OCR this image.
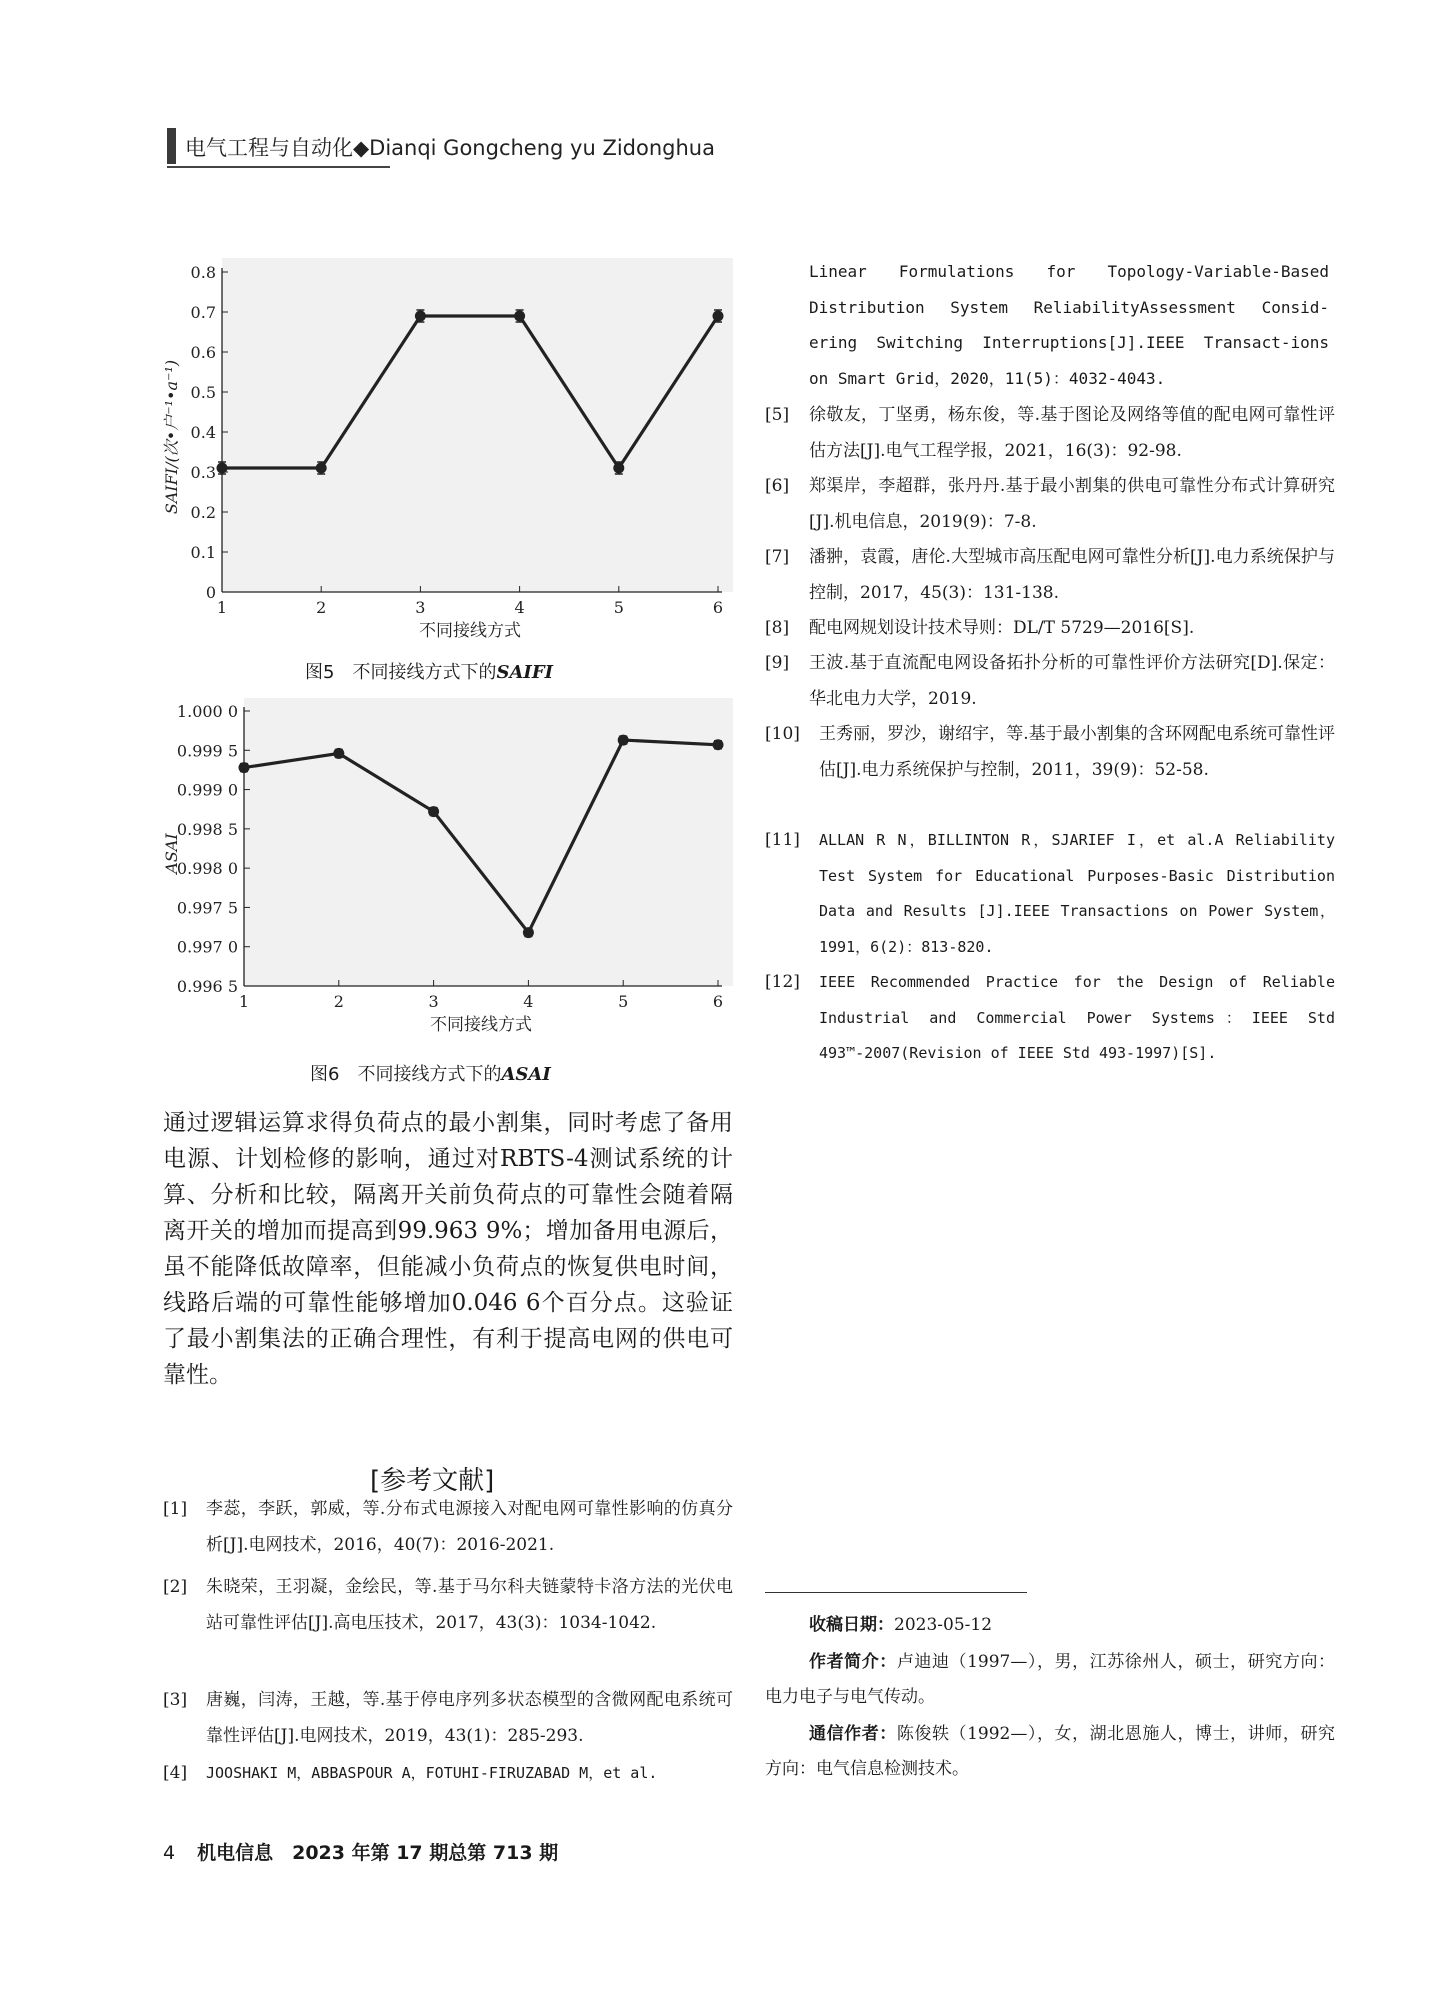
电气工程与自动化◆Dianqi Gongcheng yu Zidonghua
0
0.1
0.2
0.3
0.4
0.5
0.6
0.7
0.8
1	2	3	4	5	6
不同接线方式
SAIFI/(次•户⁻¹•a⁻¹)
图5　不同接线方式下的SAIFI
0.996 5
0.997 0
0.997 5
0.998 0
0.998 5
0.999 0
0.999 5
1.000 0
1	2	3	4	5	6
不同接线方式
ASAI
图6　不同接线方式下的ASAI
通过逻辑运算求得负荷点的最小割集，同时考虑了备用电源、计划检修的影响，通过对RBTS-4测试系统的计算、分析和比较，隔离开关前负荷点的可靠性会随着隔离开关的增加而提高到99.963 9%；增加备用电源后，虽不能降低故障率，但能减小负荷点的恢复供电时间，线路后端的可靠性能够增加0.046 6个百分点。这验证了最小割集法的正确合理性，有利于提高电网的供电可靠性。
[参考文献]
[1] 李蕊，李跃，郭威，等.分布式电源接入对配电网可靠性影响的仿真分析[J].电网技术，2016，40(7)：2016-2021.
[2] 朱晓荣，王羽凝，金绘民，等.基于马尔科夫链蒙特卡洛方法的光伏电站可靠性评估[J].高电压技术，2017，43(3)：1034-1042.
[3] 唐巍，闫涛，王越，等.基于停电序列多状态模型的含微网配电系统可靠性评估[J].电网技术，2019，43(1)：285-293.
[4] JOOSHAKI M，ABBASPOUR A，FOTUHI-FIRUZABAD M，et al.
Linear Formulations for Topology-Variable-Based Distribution System ReliabilityAssessment Consid-ering Switching Interruptions[J].IEEE Transact-ions on Smart Grid，2020，11(5)：4032-4043.
[5] 徐敬友，丁坚勇，杨东俊，等.基于图论及网络等值的配电网可靠性评估方法[J].电气工程学报，2021，16(3)：92-98.
[6] 郑渠岸，李超群，张丹丹.基于最小割集的供电可靠性分布式计算研究[J].机电信息，2019(9)：7-8.
[7] 潘翀，袁霞，唐伦.大型城市高压配电网可靠性分析[J].电力系统保护与控制，2017，45(3)：131-138.
[8] 配电网规划设计技术导则：DL/T 5729—2016[S].
[9] 王波.基于直流配电网设备拓扑分析的可靠性评价方法研究[D].保定：华北电力大学，2019.
[10] 王秀丽，罗沙，谢绍宇，等.基于最小割集的含环网配电系统可靠性评估[J].电力系统保护与控制，2011，39(9)：52-58.
[11] ALLAN R N，BILLINTON R，SJARIEF I，et al.A Reliability Test System for Educational Purposes-Basic Distribution Data and Results [J].IEEE Transactions on Power System，1991，6(2)：813-820.
[12] IEEE Recommended Practice for the Design of Reliable Industrial and Commercial Power Systems：IEEE Std 493™-2007(Revision of IEEE Std 493-1997)[S].
收稿日期：2023-05-12
作者简介：卢迪迪（1997—），男，江苏徐州人，硕士，研究方向：电力电子与电气传动。
通信作者：陈俊轶（1992—），女，湖北恩施人，博士，讲师，研究方向：电气信息检测技术。
4 机电信息　2023 年第 17 期总第 713 期
